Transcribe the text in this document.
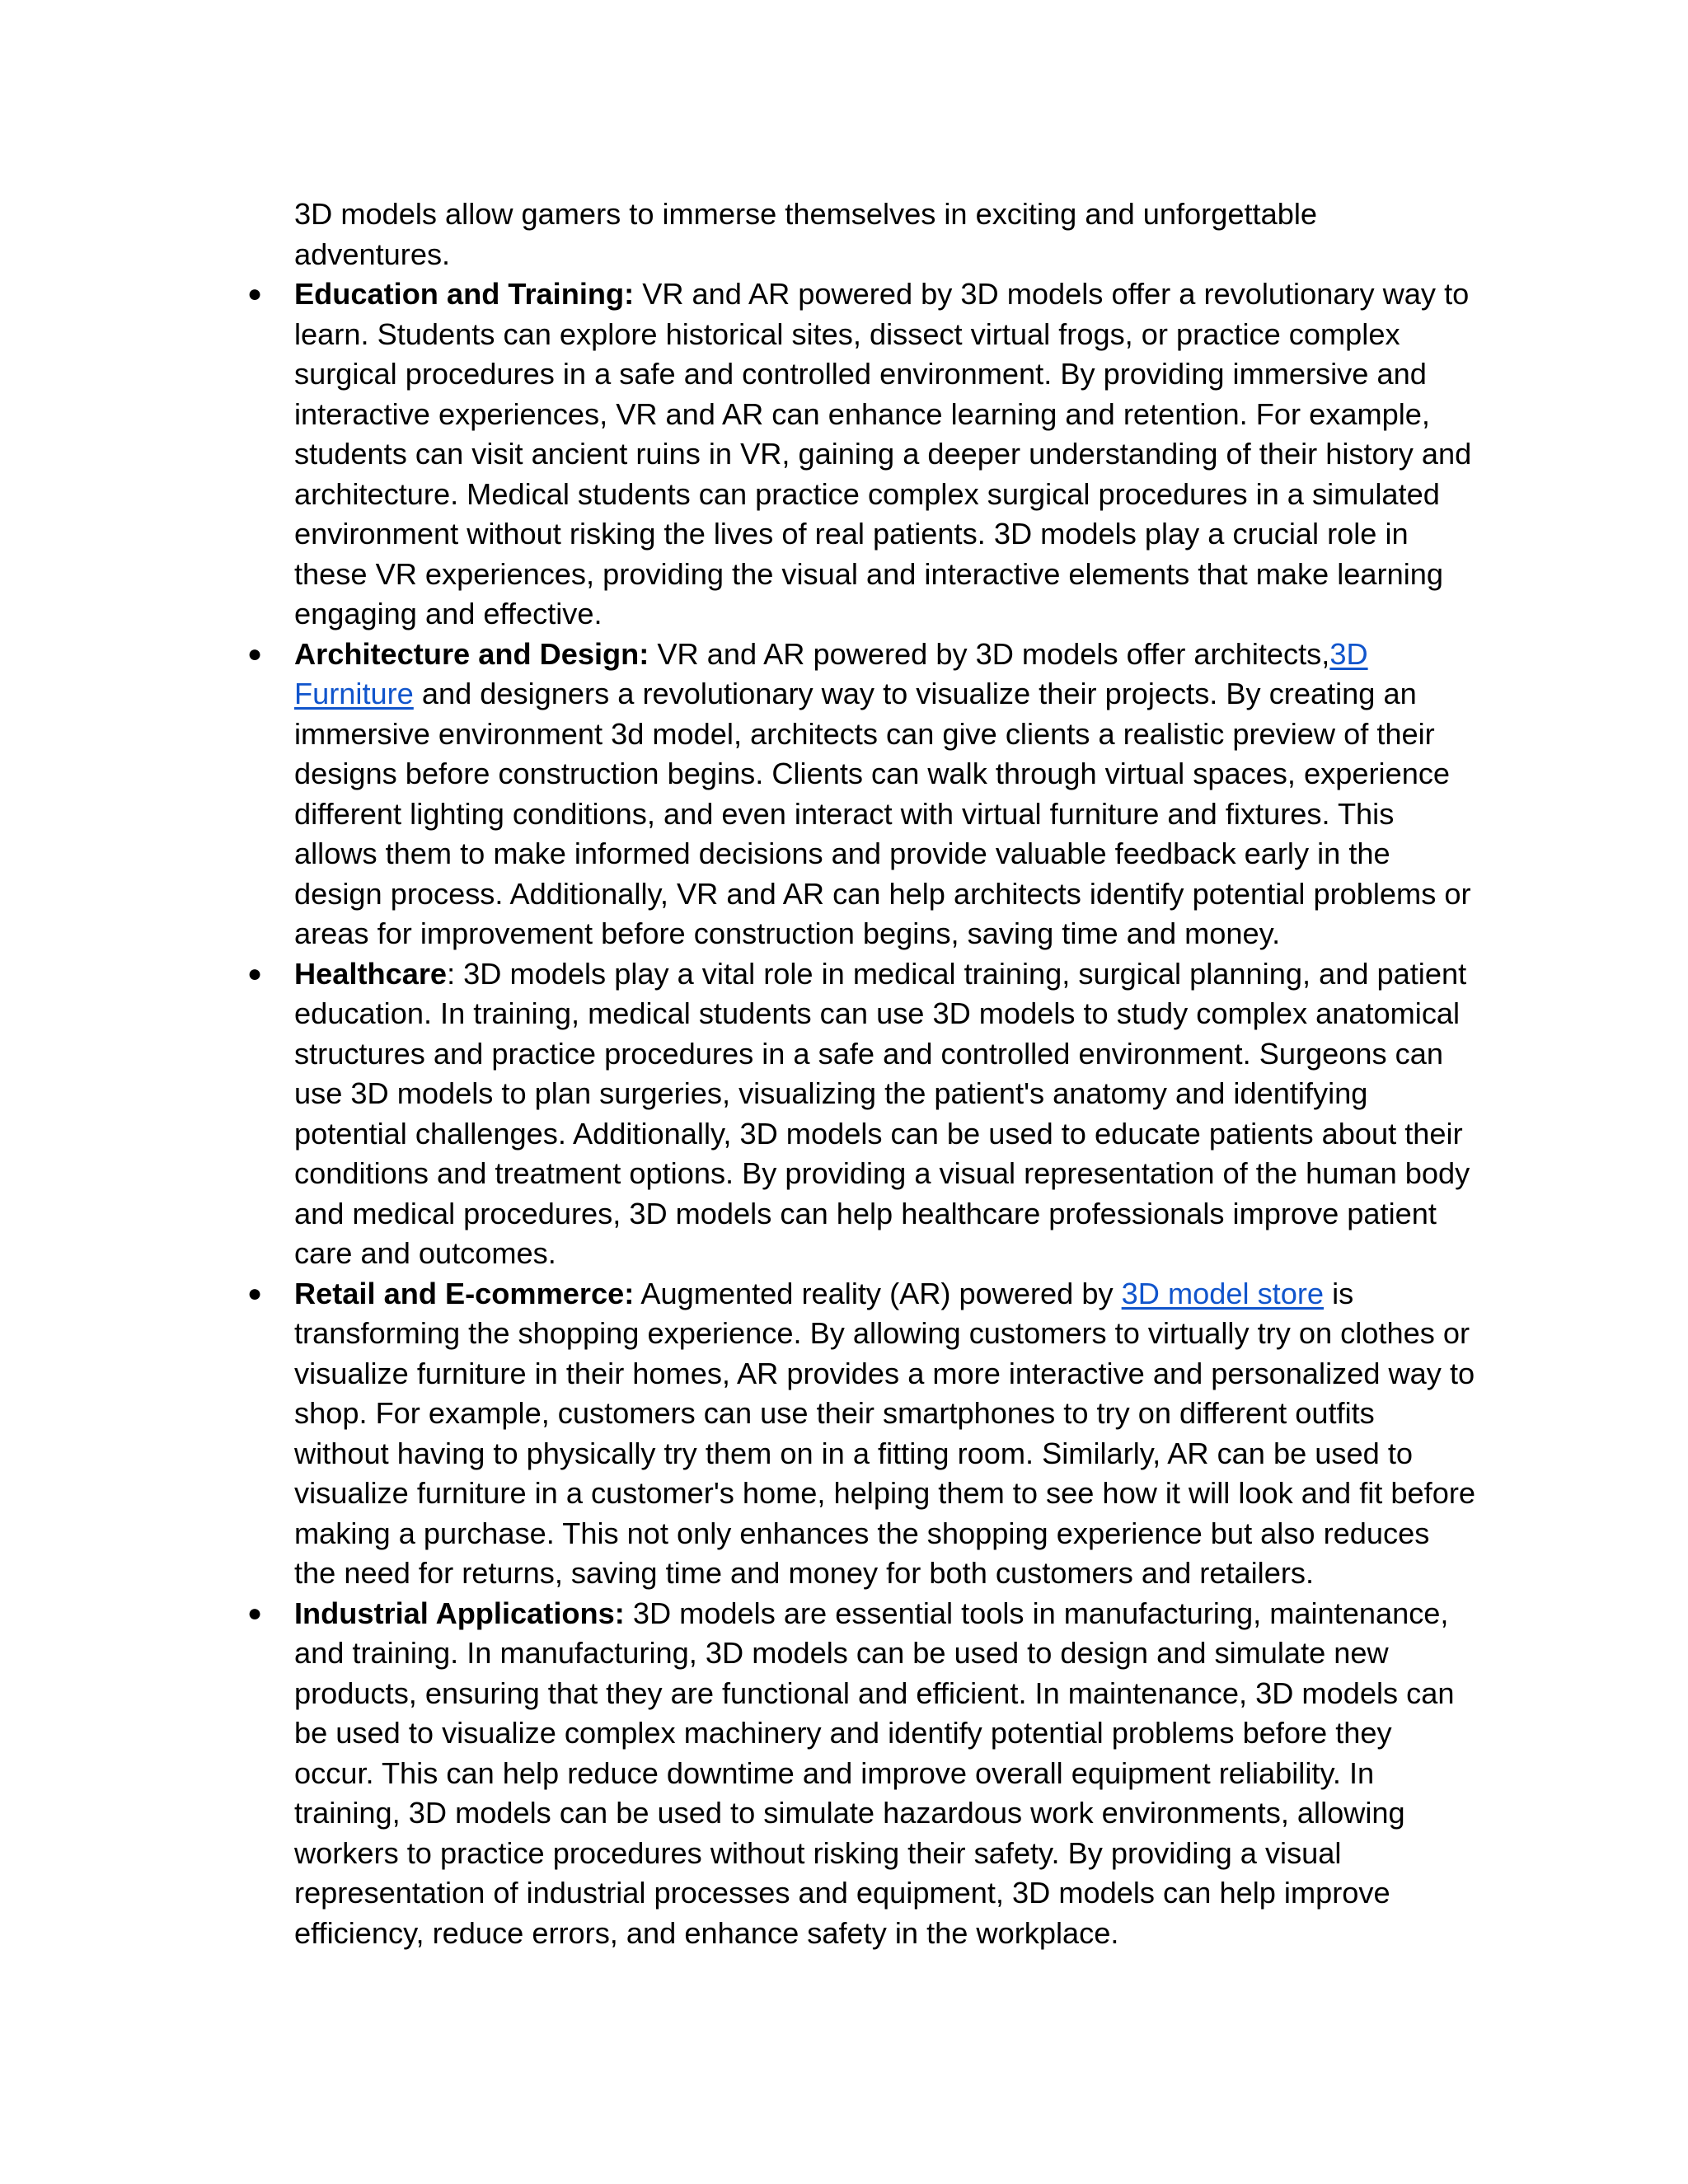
3D models allow gamers to immerse themselves in exciting and unforgettable adventures.

● Education and Training: VR and AR powered by 3D models offer a revolutionary way to learn. Students can explore historical sites, dissect virtual frogs, or practice complex surgical procedures in a safe and controlled environment. By providing immersive and interactive experiences, VR and AR can enhance learning and retention. For example, students can visit ancient ruins in VR, gaining a deeper understanding of their history and architecture. Medical students can practice complex surgical procedures in a simulated environment without risking the lives of real patients. 3D models play a crucial role in these VR experiences, providing the visual and interactive elements that make learning engaging and effective.
● Architecture and Design: VR and AR powered by 3D models offer architects,3D Furniture and designers a revolutionary way to visualize their projects. By creating an immersive environment 3d model, architects can give clients a realistic preview of their designs before construction begins. Clients can walk through virtual spaces, experience different lighting conditions, and even interact with virtual furniture and fixtures. This allows them to make informed decisions and provide valuable feedback early in the design process. Additionally, VR and AR can help architects identify potential problems or areas for improvement before construction begins, saving time and money.
● Healthcare: 3D models play a vital role in medical training, surgical planning, and patient education. In training, medical students can use 3D models to study complex anatomical structures and practice procedures in a safe and controlled environment. Surgeons can use 3D models to plan surgeries, visualizing the patient's anatomy and identifying potential challenges. Additionally, 3D models can be used to educate patients about their conditions and treatment options. By providing a visual representation of the human body and medical procedures, 3D models can help healthcare professionals improve patient care and outcomes.
● Retail and E-commerce: Augmented reality (AR) powered by 3D model store is transforming the shopping experience. By allowing customers to virtually try on clothes or visualize furniture in their homes, AR provides a more interactive and personalized way to shop. For example, customers can use their smartphones to try on different outfits without having to physically try them on in a fitting room. Similarly, AR can be used to visualize furniture in a customer's home, helping them to see how it will look and fit before making a purchase. This not only enhances the shopping experience but also reduces the need for returns, saving time and money for both customers and retailers.
● Industrial Applications: 3D models are essential tools in manufacturing, maintenance, and training. In manufacturing, 3D models can be used to design and simulate new products, ensuring that they are functional and efficient. In maintenance, 3D models can be used to visualize complex machinery and identify potential problems before they occur. This can help reduce downtime and improve overall equipment reliability. In training, 3D models can be used to simulate hazardous work environments, allowing workers to practice procedures without risking their safety. By providing a visual representation of industrial processes and equipment, 3D models can help improve efficiency, reduce errors, and enhance safety in the workplace.
